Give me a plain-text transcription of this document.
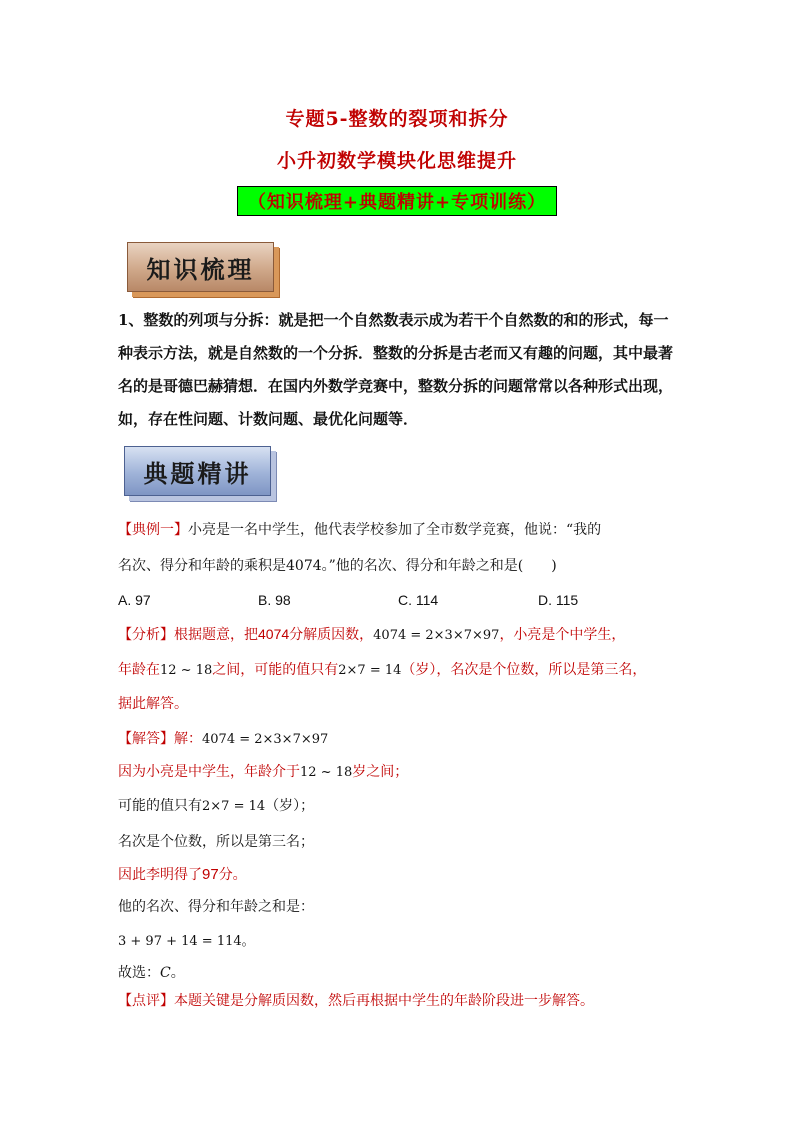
专题5-整数的裂项和拆分
小升初数学模块化思维提升
（知识梳理+典题精讲+专项训练）
知识梳理
1、整数的列项与分拆：就是把一个自然数表示成为若干个自然数的和的形式，每一种表示方法，就是自然数的一个分拆．整数的分拆是古老而又有趣的问题，其中最著名的是哥德巴赫猜想．在国内外数学竞赛中，整数分拆的问题常常以各种形式出现，如，存在性问题、计数问题、最优化问题等．
典题精讲
【典例一】小亮是一名中学生，他代表学校参加了全市数学竞赛，他说：“我的
名次、得分和年龄的乘积是4074。”他的名次、得分和年龄之和是(　　)
A. 97	B. 98	C. 114	D. 115
【分析】根据题意，把4074分解质因数，4074 = 2×3×7×97，小亮是个中学生，
年龄在12 ~ 18之间，可能的值只有2×7 = 14（岁），名次是个位数，所以是第三名，
据此解答。
【解答】解：4074 = 2×3×7×97
因为小亮是中学生，年龄介于12 ~ 18岁之间；
可能的值只有2×7 = 14（岁）；
名次是个位数，所以是第三名；
因此李明得了97分。
他的名次、得分和年龄之和是：
3 + 97 + 14 = 114。
故选：C。
【点评】本题关键是分解质因数，然后再根据中学生的年龄阶段进一步解答。
